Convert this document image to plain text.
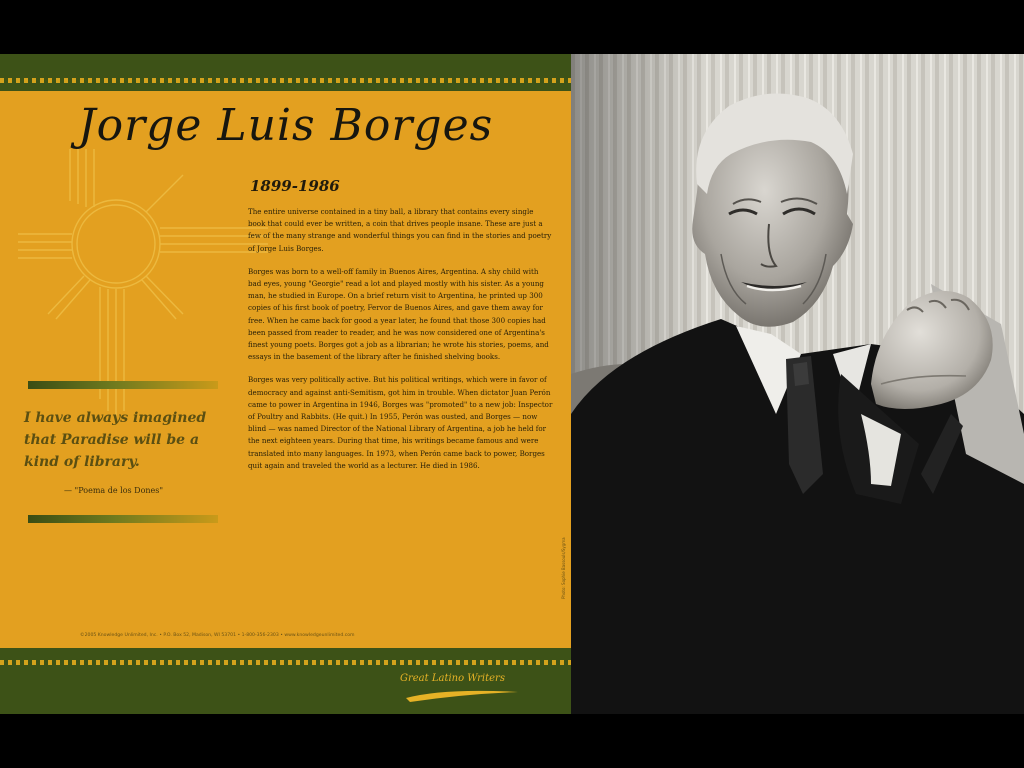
Jorge Luis Borges
1899-1986

The entire universe contained in a tiny ball, a library that contains every single book that could ever be written, a coin that drives people insane. These are just a few of the many strange and wonderful things you can find in the stories and poetry of Jorge Luis Borges.

Borges was born to a well-off family in Buenos Aires, Argentina. A shy child with bad eyes, young "Georgie" read a lot and played mostly with his sister. As a young man, he studied in Europe. On a brief return visit to Argentina, he printed up 300 copies of his first book of poetry, Fervor de Buenos Aires, and gave them away for free. When he came back for good a year later, he found that those 300 copies had been passed from reader to reader, and he was now considered one of Argentina's finest young poets. Borges got a job as a librarian; he wrote his stories, poems, and essays in the basement of the library after he finished shelving books.

Borges was very politically active. But his political writings, which were in favor of democracy and against anti-Semitism, got him in trouble. When dictator Juan Perón came to power in Argentina in 1946, Borges was "promoted" to a new job: Inspector of Poultry and Rabbits. (He quit.) In 1955, Perón was ousted, and Borges — now blind — was named Director of the National Library of Argentina, a job he held for the next eighteen years. During that time, his writings became famous and were translated into many languages. In 1973, when Perón came back to power, Borges quit again and traveled the world as a lecturer. He died in 1986.

I have always imagined that Paradise will be a kind of library.

— "Poema de los Dones"
©2005 Knowledge Unlimited, Inc. • P.O. Box 52, Madison, WI 53701 • 1-800-356-2303 • www.knowledgeunlimited.com
Photo: Sophie Bassouls/Sygma
Great Latino Writers
